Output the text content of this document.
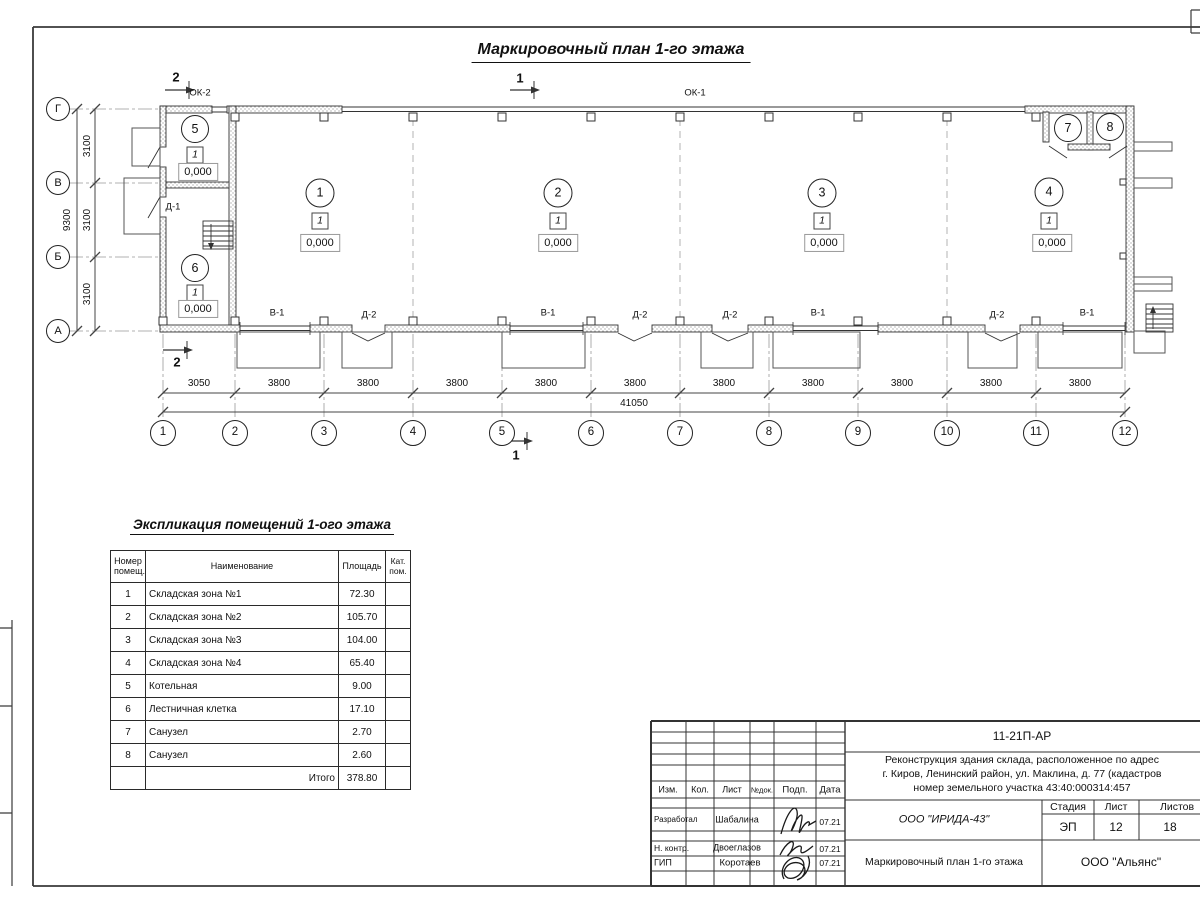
Маркировочный план 1-го этажа
Экспликация помещений 1-ого этажа
ОК-2	ОК-1
Д-1
В-1	В-1	В-1	В-1
Д-2	Д-2	Д-2	Д-2
2	1
2
1
3050	3800	3800	3800	3800	3800	3800	3800	3800	3800	3800
41050
3100
3100
3100
9300
1	2	3	4	5	6	7	8	9	10	11	12
Г
В
Б
А
1
1
0,000
2
1
0,000
3
1
0,000
4
1
0,000
5
1
0,000
6
1
0,000
7	8
Номер помещ.	Наименование	Площадь	Кат. пом.
1	Складская зона №1	72.30	
2	Складская зона №2	105.70	
3	Складская зона №3	104.00	
4	Складская зона №4	65.40	
5	Котельная	9.00	
6	Лестничная клетка	17.10	
7	Санузел	2.70	
8	Санузел	2.60	
	Итого	378.80	
Изм. Кол. Лист №док. Подп. Дата
Разработал Шабалина	07.21
Н. контр.	Двоеглазов	07.21
ГИП	Коротаев	07.21
11-21П-АР
Реконструкция здания склада, расположенное по адрес
г. Киров, Ленинский район, ул. Маклина, д. 77 (кадастров
номер земельного участка 43:40:000314:457
ООО "ИРИДА-43"
Стадия Лист	Листов
ЭП	12	18
Маркировочный план 1-го этажа	ООО "Альянс"
